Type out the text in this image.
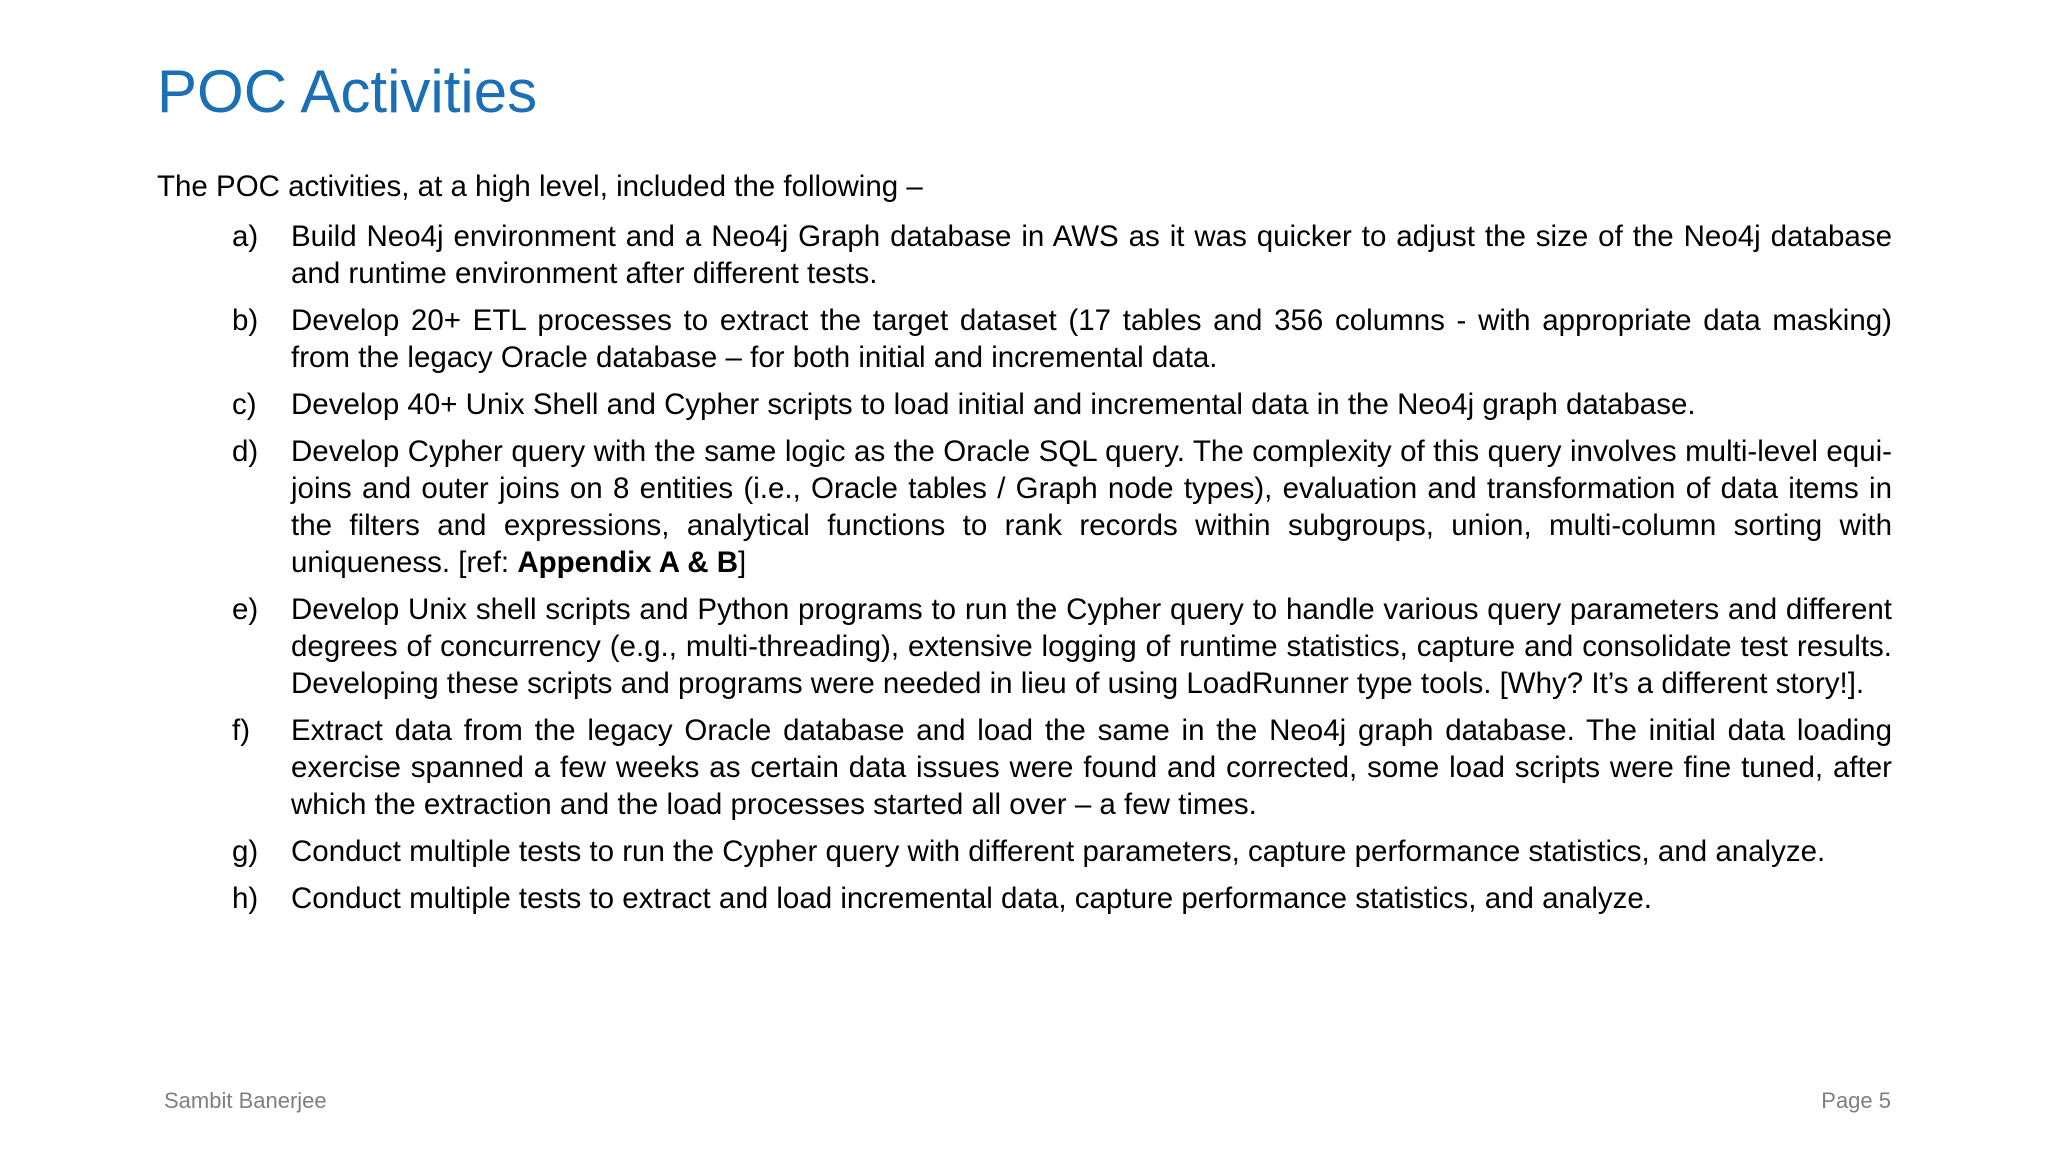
POC Activities
The POC activities, at a high level, included the following –
a)	Build Neo4j environment and a Neo4j Graph database in AWS as it was quicker to adjust the size of the Neo4j database and runtime environment after different tests.
b)	Develop 20+ ETL processes to extract the target dataset (17 tables and 356 columns - with appropriate data masking) from the legacy Oracle database – for both initial and incremental data.
c)	Develop 40+ Unix Shell and Cypher scripts to load initial and incremental data in the Neo4j graph database.
d)	Develop Cypher query with the same logic as the Oracle SQL query. The complexity of this query involves multi-level equi-joins and outer joins on 8 entities (i.e., Oracle tables / Graph node types), evaluation and transformation of data items in the filters and expressions, analytical functions to rank records within subgroups, union, multi-column sorting with uniqueness. [ref: Appendix A & B]
e)	Develop Unix shell scripts and Python programs to run the Cypher query to handle various query parameters and different degrees of concurrency (e.g., multi-threading), extensive logging of runtime statistics, capture and consolidate test results. Developing these scripts and programs were needed in lieu of using LoadRunner type tools. [Why? It’s a different story!].
f)	Extract data from the legacy Oracle database and load the same in the Neo4j graph database. The initial data loading exercise spanned a few weeks as certain data issues were found and corrected, some load scripts were fine tuned, after which the extraction and the load processes started all over – a few times.
g)	Conduct multiple tests to run the Cypher query with different parameters, capture performance statistics, and analyze.
h)	Conduct multiple tests to extract and load incremental data, capture performance statistics, and analyze.
Sambit Banerjee	Page 5
